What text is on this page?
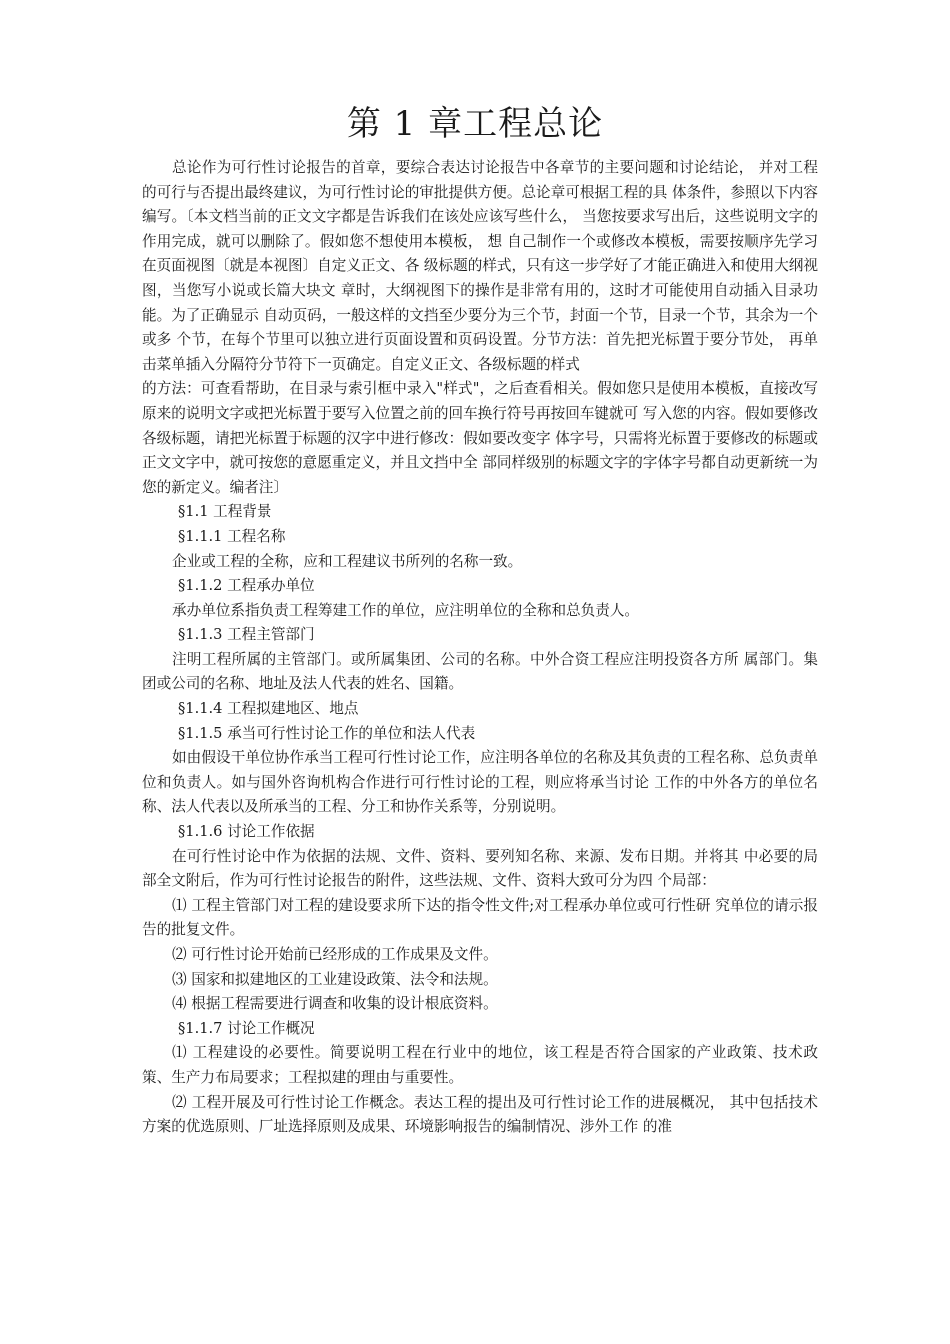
第 1 章工程总论

总论作为可行性讨论报告的首章，要综合表达讨论报告中各章节的主要问题和讨论结论， 并对工程的可行与否提出最终建议，为可行性讨论的审批提供方便。总论章可根据工程的具 体条件，参照以下内容编写。〔本文档当前的正文文字都是告诉我们在该处应该写些什么， 当您按要求写出后，这些说明文字的作用完成，就可以删除了。假如您不想使用本模板， 想 自己制作一个或修改本模板，需要按顺序先学习在页面视图〔就是本视图〕自定义正文、各 级标题的样式，只有这一步学好了才能正确进入和使用大纲视图，当您写小说或长篇大块文 章时，大纲视图下的操作是非常有用的，这时才可能使用自动插入目录功能。为了正确显示 自动页码，一般这样的文挡至少要分为三个节，封面一个节，目录一个节，其余为一个或多 个节，在每个节里可以独立进行页面设置和页码设置。分节方法：首先把光标置于要分节处， 再单击菜单插入分隔符分节符下一页确定。自定义正文、各级标题的样式

的方法：可查看帮助，在目录与索引框中录入"样式"，之后查看相关。假如您只是使用本模板，直接改写原来的说明文字或把光标置于要写入位置之前的回车换行符号再按回车键就可 写入您的内容。假如要修改各级标题，请把光标置于标题的汉字中进行修改：假如要改变字 体字号，只需将光标置于要修改的标题或正文文字中，就可按您的意愿重定义，并且文挡中全 部同样级别的标题文字的字体字号都自动更新统一为您的新定义。编者注〕

§1.1 工程背景

§1.1.1 工程名称

企业或工程的全称，应和工程建议书所列的名称一致。

§1.1.2 工程承办单位

承办单位系指负责工程筹建工作的单位，应注明单位的全称和总负责人。

§1.1.3 工程主管部门

注明工程所属的主管部门。或所属集团、公司的名称。中外合资工程应注明投资各方所 属部门。集团或公司的名称、地址及法人代表的姓名、国籍。

§1.1.4 工程拟建地区、地点

§1.1.5 承当可行性讨论工作的单位和法人代表

如由假设干单位协作承当工程可行性讨论工作，应注明各单位的名称及其负责的工程名称、总负责单位和负责人。如与国外咨询机构合作进行可行性讨论的工程，则应将承当讨论 工作的中外各方的单位名称、法人代表以及所承当的工程、分工和协作关系等，分别说明。

§1.1.6 讨论工作依据

在可行性讨论中作为依据的法规、文件、资料、要列知名称、来源、发布日期。并将其 中必要的局部全文附后，作为可行性讨论报告的附件，这些法规、文件、资料大致可分为四 个局部：

⑴ 工程主管部门对工程的建设要求所下达的指令性文件;对工程承办单位或可行性研 究单位的请示报告的批复文件。

⑵ 可行性讨论开始前已经形成的工作成果及文件。

⑶ 国家和拟建地区的工业建设政策、法令和法规。

⑷ 根据工程需要进行调查和收集的设计根底资料。

§1.1.7 讨论工作概况

⑴ 工程建设的必要性。简要说明工程在行业中的地位，该工程是否符合国家的产业政策、技术政策、生产力布局要求；工程拟建的理由与重要性。

⑵ 工程开展及可行性讨论工作概念。表达工程的提出及可行性讨论工作的进展概况， 其中包括技术方案的优选原则、厂址选择原则及成果、环境影响报告的编制情况、涉外工作 的准
